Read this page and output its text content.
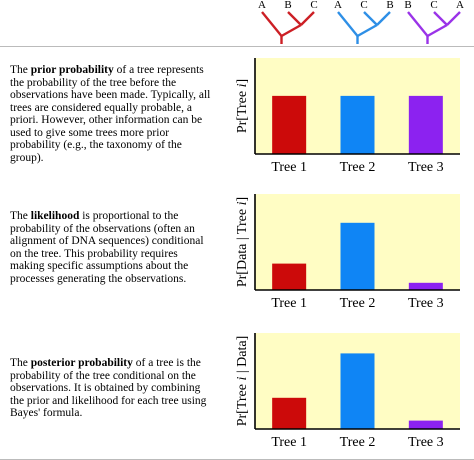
A B C A C B B C A
The prior probability of a tree represents the probability of the tree before the observations have been made. Typically, all trees are considered equally probable, a priori. However, other information can be used to give some trees more prior probability (e.g., the taxonomy of the group).
The likelihood is proportional to the probability of the observations (often an alignment of DNA sequences) conditional on the tree. This probability requires making specific assumptions about the processes generating the observations.
The posterior probability of a tree is the probability of the tree conditional on the observations. It is obtained by combining the prior and likelihood for each tree using Bayes' formula.
Pr[Tree i]
Tree 1 Tree 2 Tree 3
Pr[Data | Tree i]
Tree 1 Tree 2 Tree 3
Pr[Tree i | Data]
Tree 1 Tree 2 Tree 3
